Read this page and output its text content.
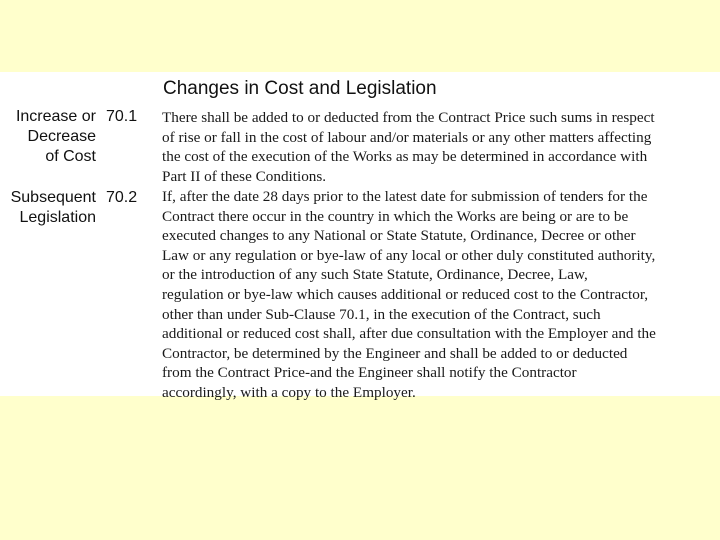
Changes in Cost and Legislation
Increase or
Decrease
of Cost
70.1 There shall be added to or deducted from the Contract Price such sums in respect
of rise or fall in the cost of labour and/or materials or any other matters affecting
the cost of the execution of the Works as may be determined in accordance with
Part II of these Conditions.
Subsequent
Legislation
70.2 If, after the date 28 days prior to the latest date for submission of tenders for the
Contract there occur in the country in which the Works are being or are to be
executed changes to any National or State Statute, Ordinance, Decree or other
Law or any regulation or bye-law of any local or other duly constituted authority,
or the introduction of any such State Statute, Ordinance, Decree, Law,
regulation or bye-law which causes additional or reduced cost to the Contractor,
other than under Sub-Clause 70.1, in the execution of the Contract, such
additional or reduced cost shall, after due consultation with the Employer and the
Contractor, be determined by the Engineer and shall be added to or deducted
from the Contract Price-and the Engineer shall notify the Contractor
accordingly, with a copy to the Employer.
